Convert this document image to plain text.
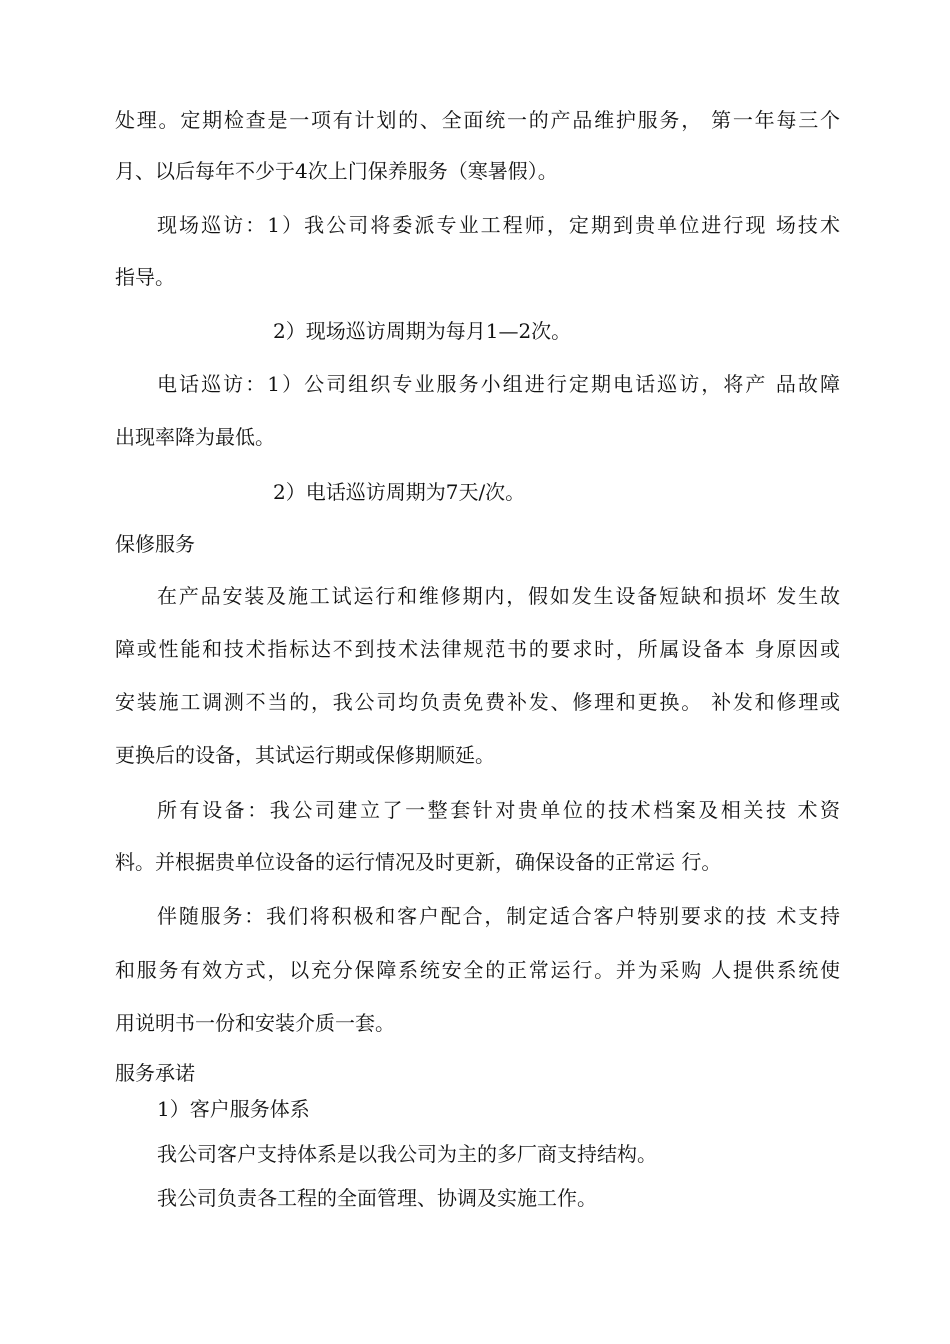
处理。定期检查是一项有计划的、全面统一的产品维护服务， 第一年每三个
月、以后每年不少于4次上门保养服务（寒暑假）。
现场巡访：1）我公司将委派专业工程师，定期到贵单位进行现 场技术
指导。
2）现场巡访周期为每月1—2次。
电话巡访：1）公司组织专业服务小组进行定期电话巡访，将产 品故障
出现率降为最低。
2）电话巡访周期为7天/次。
保修服务
在产品安装及施工试运行和维修期内，假如发生设备短缺和损坏 发生故
障或性能和技术指标达不到技术法律规范书的要求时，所属设备本 身原因或
安装施工调测不当的，我公司均负责免费补发、修理和更换。 补发和修理或
更换后的设备，其试运行期或保修期顺延。
所有设备：我公司建立了一整套针对贵单位的技术档案及相关技 术资
料。并根据贵单位设备的运行情况及时更新，确保设备的正常运 行。
伴随服务：我们将积极和客户配合，制定适合客户特别要求的技 术支持
和服务有效方式，以充分保障系统安全的正常运行。并为采购 人提供系统使
用说明书一份和安装介质一套。
服务承诺
1）客户服务体系
我公司客户支持体系是以我公司为主的多厂商支持结构。
我公司负责各工程的全面管理、协调及实施工作。
